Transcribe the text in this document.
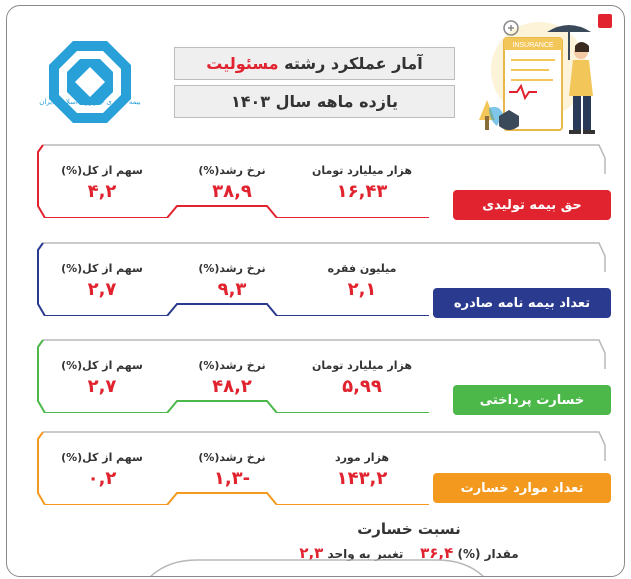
بیمه مرکزی جمهوری اسلامی ایران
آمار عملکرد رشته

مسئولیت
یازده ماهه سال ۱۴۰۳
INSURANCE
هزار میلیارد تومان
۱۶,۴۳
نرخ رشد(%)
۳۸,۹
سهم از کل(%)
۴,۲
حق بیمه تولیدی
میلیون فقره
۲,۱
نرخ رشد(%)
۹,۳
سهم از کل(%)
۲,۷
تعداد بیمه نامه صادره
هزار میلیارد تومان
۵,۹۹
نرخ رشد(%)
۴۸,۲
سهم از کل(%)
۲,۷
خسارت پرداختی
هزار مورد
۱۴۳,۲
نرخ رشد(%)
-۱,۳
سهم از کل(%)
۰,۲	تعداد موارد خسارت
نسبت خسارت
مقدار (%) ۳۶,۴    تغییر به واحد ۲,۳
